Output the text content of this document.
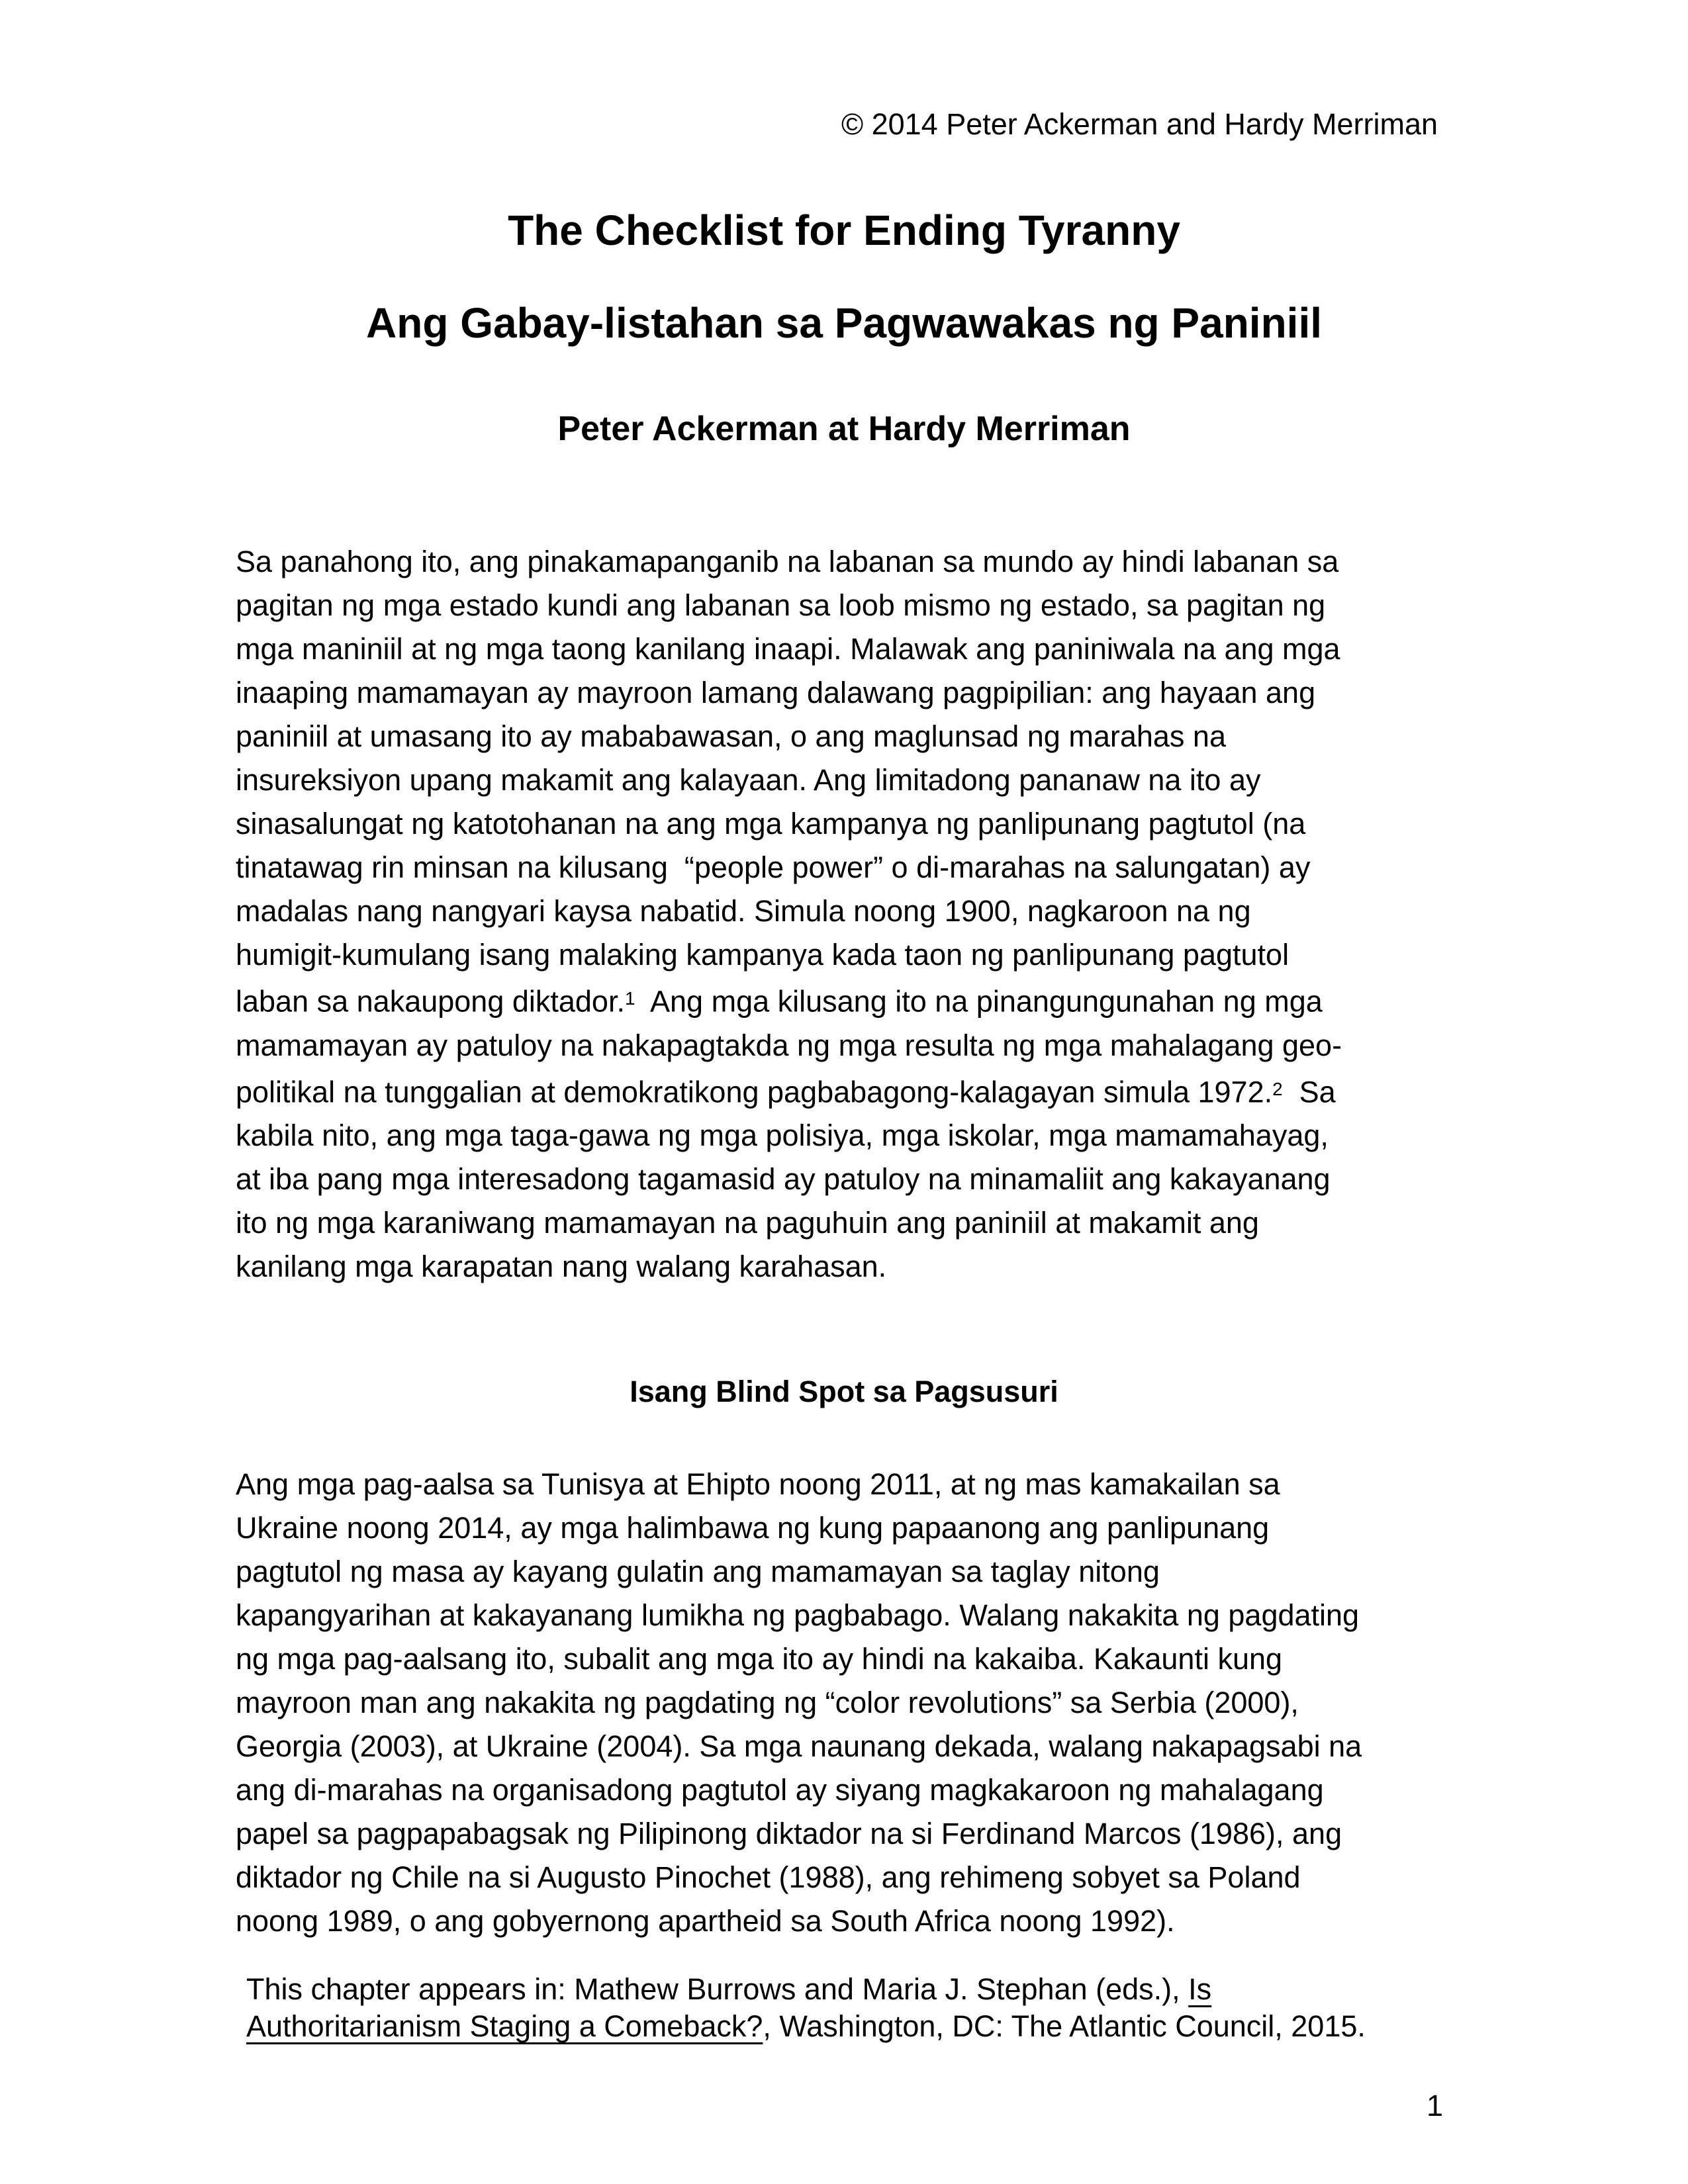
© 2014 Peter Ackerman and Hardy Merriman
The Checklist for Ending Tyranny
Ang Gabay-listahan sa Pagwawakas ng Paniniil
Peter Ackerman at Hardy Merriman
Sa panahong ito, ang pinakamapanganib na labanan sa mundo ay hindi labanan sa
pagitan ng mga estado kundi ang labanan sa loob mismo ng estado, sa pagitan ng
mga maniniil at ng mga taong kanilang inaapi. Malawak ang paniniwala na ang mga
inaaping mamamayan ay mayroon lamang dalawang pagpipilian: ang hayaan ang
paniniil at umasang ito ay mababawasan, o ang maglunsad ng marahas na
insureksiyon upang makamit ang kalayaan. Ang limitadong pananaw na ito ay
sinasalungat ng katotohanan na ang mga kampanya ng panlipunang pagtutol (na
tinatawag rin minsan na kilusang  “people power” o di-marahas na salungatan) ay
madalas nang nangyari kaysa nabatid. Simula noong 1900, nagkaroon na ng
humigit-kumulang isang malaking kampanya kada taon ng panlipunang pagtutol
laban sa nakaupong diktador.$^1$  Ang mga kilusang ito na pinangungunahan ng mga
mamamayan ay patuloy na nakapagtakda ng mga resulta ng mga mahalagang geo-
politikal na tunggalian at demokratikong pagbabagong-kalagayan simula 1972.$^2$  Sa
kabila nito, ang mga taga-gawa ng mga polisiya, mga iskolar, mga mamamahayag,
at iba pang mga interesadong tagamasid ay patuloy na minamaliit ang kakayanang
ito ng mga karaniwang mamamayan na paguhuin ang paniniil at makamit ang
kanilang mga karapatan nang walang karahasan.
Isang Blind Spot sa Pagsusuri
Ang mga pag-aalsa sa Tunisya at Ehipto noong 2011, at ng mas kamakailan sa
Ukraine noong 2014, ay mga halimbawa ng kung papaanong ang panlipunang
pagtutol ng masa ay kayang gulatin ang mamamayan sa taglay nitong
kapangyarihan at kakayanang lumikha ng pagbabago. Walang nakakita ng pagdating
ng mga pag-aalsang ito, subalit ang mga ito ay hindi na kakaiba. Kakaunti kung
mayroon man ang nakakita ng pagdating ng “color revolutions” sa Serbia (2000),
Georgia (2003), at Ukraine (2004). Sa mga naunang dekada, walang nakapagsabi na
ang di-marahas na organisadong pagtutol ay siyang magkakaroon ng mahalagang
papel sa pagpapabagsak ng Pilipinong diktador na si Ferdinand Marcos (1986), ang
diktador ng Chile na si Augusto Pinochet (1988), ang rehimeng sobyet sa Poland
noong 1989, o ang gobyernong apartheid sa South Africa noong 1992).
This chapter appears in: Mathew Burrows and Maria J. Stephan (eds.), Is
Authoritarianism Staging a Comeback?, Washington, DC: The Atlantic Council, 2015.
1
